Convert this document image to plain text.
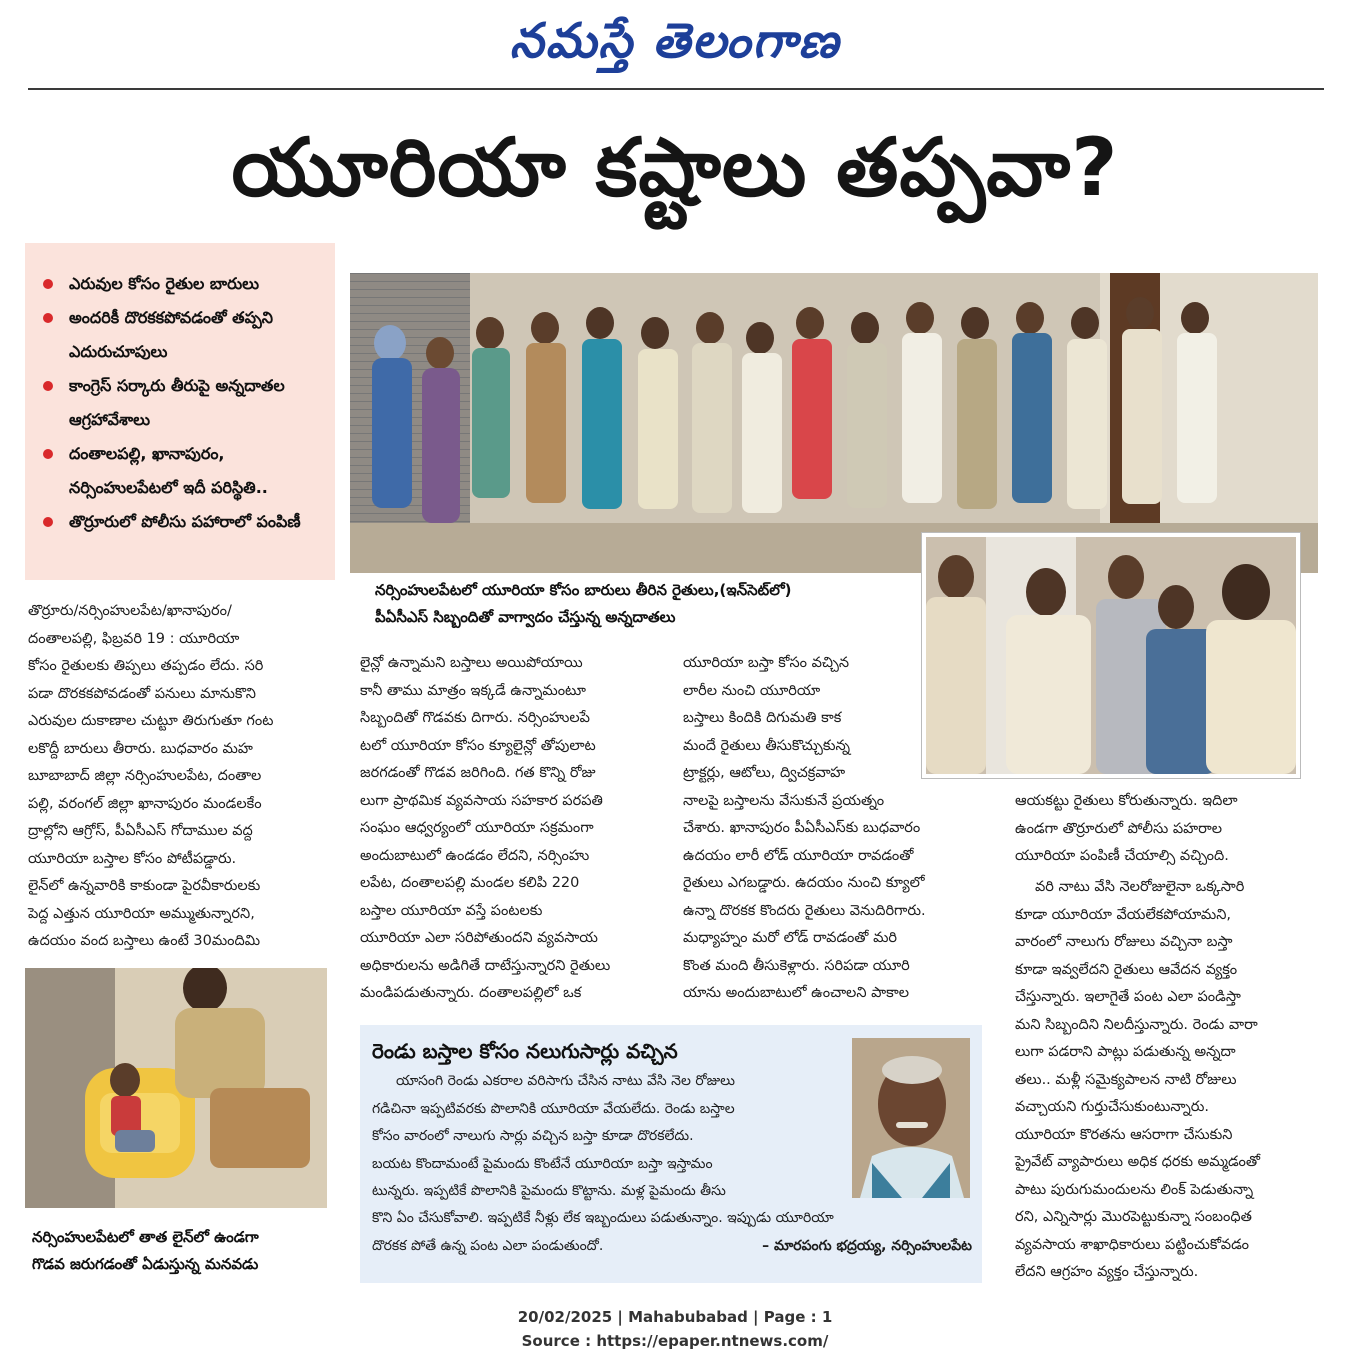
నమస్తే తెలంగాణ
యూరియా కష్టాలు తప్పవా?
ఎరువుల కోసం రైతుల బారులు
అందరికీ దొరకకపోవడంతో తప్పని ఎదురుచూపులు
కాంగ్రెస్ సర్కారు తీరుపై అన్నదాతల ఆగ్రహావేశాలు
దంతాలపల్లి, ఖానాపురం, నర్సింహులపేటలో ఇదీ పరిస్థితి..
తొర్రూరులో పోలీసు పహారాలో పంపిణీ
నర్సింహులపేటలో యూరియా కోసం బారులు తీరిన రైతులు,(ఇన్‌సెట్‌లో)
పీఏసీఎస్ సిబ్బందితో వాగ్వాదం చేస్తున్న అన్నదాతలు
తొర్రూరు/నర్సింహులపేట/ఖానాపురం/
దంతాలపల్లి, ఫిబ్రవరి 19 : యూరియా
కోసం రైతులకు తిప్పలు తప్పడం లేదు. సరి
పడా దొరకకపోవడంతో పనులు మానుకొని
ఎరువుల దుకాణాల చుట్టూ తిరుగుతూ గంట
లకొద్దీ బారులు తీరారు. బుధవారం మహ
బూబాబాద్ జిల్లా నర్సింహులపేట, దంతాల
పల్లి, వరంగల్ జిల్లా ఖానాపురం మండలకేం
ద్రాల్లోని ఆగ్రోస్, పీఏసీఎస్ గోదాముల వద్ద
యూరియా బస్తాల కోసం పోటీపడ్డారు.
లైన్‌లో ఉన్నవారికి కాకుండా పైరవీకారులకు
పెద్ద ఎత్తున యూరియా అమ్ముతున్నారని,
ఉదయం వంద బస్తాలు ఉంటే 30మందిమి
నర్సింహులపేటలో తాత లైన్‌లో ఉండగా
గొడవ జరుగడంతో ఏడుస్తున్న మనవడు
లైన్లో ఉన్నామని బస్తాలు అయిపోయాయి
కానీ తాము మాత్రం ఇక్కడే ఉన్నామంటూ
సిబ్బందితో గొడవకు దిగారు. నర్సింహులపే
టలో యూరియా కోసం క్యూలైన్లో తోపులాట
జరగడంతో గొడవ జరిగింది. గత కొన్ని రోజు
లుగా ప్రాథమిక వ్యవసాయ సహకార పరపతి
సంఘం ఆధ్వర్యంలో యూరియా సక్రమంగా
అందుబాటులో ఉండడం లేదని, నర్సింహు
లపేట, దంతాలపల్లి మండల కలిపి 220
బస్తాల యూరియా వస్తే పంటలకు
యూరియా ఎలా సరిపోతుందని వ్యవసాయ
అధికారులను అడిగితే దాటేస్తున్నారని రైతులు
మండిపడుతున్నారు. దంతాలపల్లిలో ఒక
యూరియా బస్తా కోసం వచ్చిన
లారీల నుంచి యూరియా
బస్తాలు కిందికి దిగుమతి కాక
మందే రైతులు తీసుకొచ్చుకున్న
ట్రాక్టర్లు, ఆటోలు, ద్విచక్రవాహ
నాలపై బస్తాలను వేసుకునే ప్రయత్నం
చేశారు. ఖానాపురం పీఏసీఎస్‌కు బుధవారం
ఉదయం లారీ లోడ్ యూరియా రావడంతో
రైతులు ఎగబడ్డారు. ఉదయం నుంచి క్యూలో
ఉన్నా దొరకక కొందరు రైతులు వెనుదిరిగారు.
మధ్యాహ్నం మరో లోడ్ రావడంతో మరి
కొంత మంది తీసుకెళ్లారు. సరిపడా యూరి
యాను అందుబాటులో ఉంచాలని పాకాల
ఆయకట్టు రైతులు కోరుతున్నారు. ఇదిలా
ఉండగా తొర్రూరులో పోలీసు పహరాల
యూరియా పంపిణీ చేయాల్సి వచ్చింది.
వరి నాటు వేసి నెలరోజులైనా ఒక్కసారి
కూడా యూరియా వేయలేకపోయామని,
వారంలో నాలుగు రోజులు వచ్చినా బస్తా
కూడా ఇవ్వలేదని రైతులు ఆవేదన వ్యక్తం
చేస్తున్నారు. ఇలాగైతే పంట ఎలా పండిస్తా
మని సిబ్బందిని నిలదీస్తున్నారు. రెండు వారా
లుగా పడరాని పాట్లు పడుతున్న అన్నదా
తలు.. మళ్లీ సమైక్యపాలన నాటి రోజులు
వచ్చాయని గుర్తుచేసుకుంటున్నారు.
యూరియా కొరతను ఆసరాగా చేసుకుని
ప్రైవేట్ వ్యాపారులు అధిక ధరకు అమ్మడంతో
పాటు పురుగుమందులను లింక్ పెడుతున్నా
రని, ఎన్నిసార్లు మొరపెట్టుకున్నా సంబంధిత
వ్యవసాయ శాఖాధికారులు పట్టించుకోవడం
లేదని ఆగ్రహం వ్యక్తం చేస్తున్నారు.
రెండు బస్తాల కోసం నలుగుసార్లు వచ్చిన
యాసంగి రెండు ఎకరాల వరిసాగు చేసిన నాటు వేసి నెల రోజులు
గడిచినా ఇప్పటివరకు పొలానికి యూరియా వేయలేదు. రెండు బస్తాల
కోసం వారంలో నాలుగు సార్లు వచ్చిన బస్తా కూడా దొరకలేదు.
బయట కొందామంటే పైమందు కొంటేనే యూరియా బస్తా ఇస్తామం
టున్నరు. ఇప్పటికే పొలానికి పైమందు కొట్టాను. మళ్ల పైమందు తీసు
కొని ఏం చేసుకోవాలి. ఇప్పటికే నీళ్లు లేక ఇబ్బందులు పడుతున్నాం. ఇప్పుడు యూరియా
దొరకక పోతే ఉన్న పంట ఎలా పండుతుందో.	– మారపంగు భద్రయ్య, నర్సింహులపేట
20/02/2025 | Mahabubabad | Page : 1
Source : https://epaper.ntnews.com/
